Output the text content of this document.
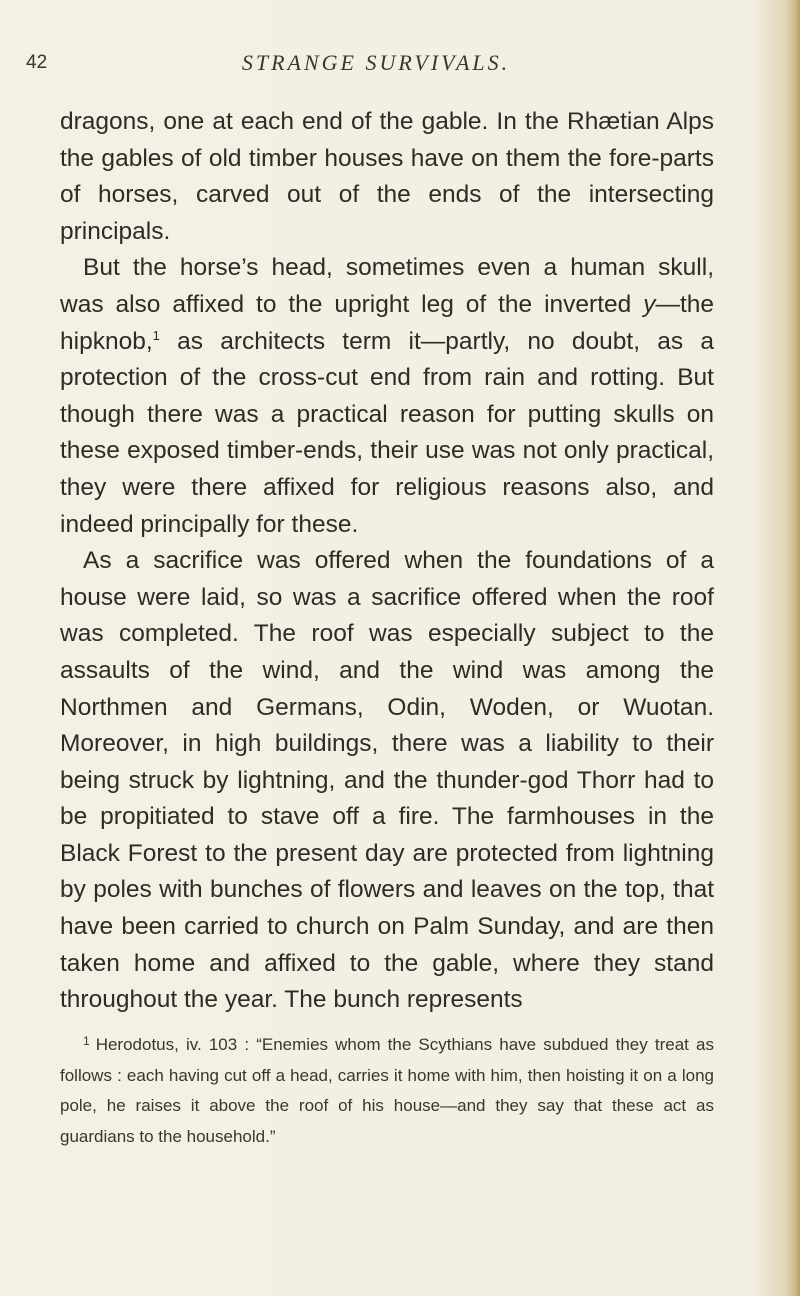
42	STRANGE SURVIVALS.

dragons, one at each end of the gable. In the Rhætian Alps the gables of old timber houses have on them the fore-parts of horses, carved out of the ends of the intersecting principals.

But the horse’s head, sometimes even a human skull, was also affixed to the upright leg of the inverted y—the hipknob,$^1$ as architects term it—partly, no doubt, as a protection of the cross-cut end from rain and rotting. But though there was a practical reason for putting skulls on these exposed timber-ends, their use was not only practical, they were there affixed for religious reasons also, and indeed principally for these.

As a sacrifice was offered when the foundations of a house were laid, so was a sacrifice offered when the roof was completed. The roof was especially subject to the assaults of the wind, and the wind was among the Northmen and Germans, Odin, Woden, or Wuotan. Moreover, in high buildings, there was a liability to their being struck by lightning, and the thunder-god Thorr had to be propitiated to stave off a fire. The farmhouses in the Black Forest to the present day are protected from lightning by poles with bunches of flowers and leaves on the top, that have been carried to church on Palm Sunday, and are then taken home and affixed to the gable, where they stand throughout the year. The bunch represents

$^1$ Herodotus, iv. 103 : “Enemies whom the Scythians have subdued they treat as follows : each having cut off a head, carries it home with him, then hoisting it on a long pole, he raises it above the roof of his house—and they say that these act as guardians to the household.”
